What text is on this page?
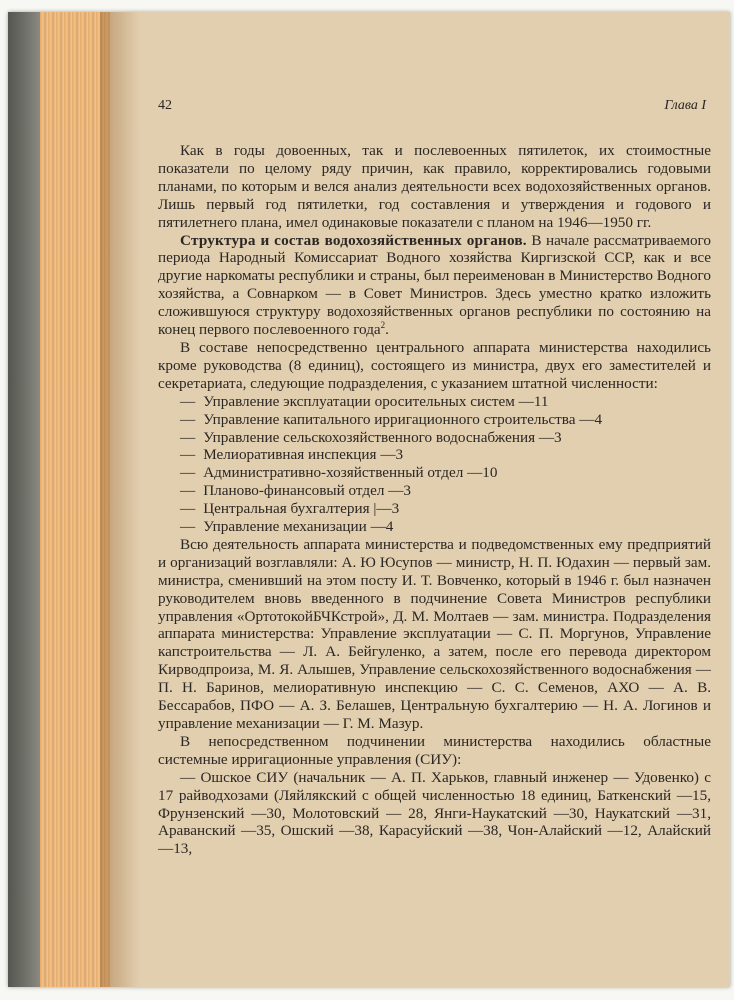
42	Глава I

Как в годы довоенных, так и послевоенных пятилеток, их стоимостные показатели по целому ряду причин, как правило, корректировались годовыми планами, по которым и велся анализ деятельности всех водохозяйственных органов. Лишь первый год пятилетки, год составления и утверждения и годового и пятилетнего плана, имел одинаковые показатели с планом на 1946—1950 гг.

Структура и состав водохозяйственных органов. В начале рассматриваемого периода Народный Комиссариат Водного хозяйства Киргизской ССР, как и все другие наркоматы республики и страны, был переименован в Министерство Водного хозяйства, а Совнарком — в Совет Министров. Здесь уместно кратко изложить сложившуюся структуру водохозяйственных органов республики по состоянию на конец первого послевоенного года$^2$.

В составе непосредственно центрального аппарата министерства находились кроме руководства (8 единиц), состоящего из министра, двух его заместителей и секретариата, следующие подразделения, с указанием штатной численности:

— Управление эксплуатации оросительных систем —11
— Управление капитального ирригационного строительства —4
— Управление сельскохозяйственного водоснабжения —3
— Мелиоративная инспекция —3
— Административно-хозяйственный отдел —10
— Планово-финансовый отдел —3
— Центральная бухгалтерия |—3
— Управление механизации —4

Всю деятельность аппарата министерства и подведомственных ему предприятий и организаций возглавляли: А. Ю Юсупов — министр, Н. П. Юдахин — первый зам. министра, сменивший на этом посту И. Т. Вовченко, который в 1946 г. был назначен руководителем вновь введенного в подчинение Совета Министров республики управления «ОртотокойБЧКстрой», Д. М. Молтаев — зам. министра. Подразделения аппарата министерства: Управление эксплуатации — С. П. Моргунов, Управление капстроительства — Л. А. Бейгуленко, а затем, после его перевода директором Кирводпроиза, М. Я. Алышев, Управление сельскохозяйственного водоснабжения — П. Н. Баринов, мелиоративную инспекцию — С. С. Семенов, АХО — А. В. Бессарабов, ПФО — А. З. Белашев, Центральную бухгалтерию — Н. А. Логинов и управление механизации — Г. М. Мазур.

В непосредственном подчинении министерства находились областные системные ирригационные управления (СИУ):

— Ошское СИУ (начальник — А. П. Харьков, главный инженер — Удовенко) с 17 райводхозами (Ляйлякский с общей численностью 18 единиц, Баткенский —15, Фрунзенский —30, Молотовский — 28, Янги-Наукатский —30, Наукатский —31, Араванский —35, Ошский —38, Карасуйский —38, Чон-Алайский —12, Алайский —13,
